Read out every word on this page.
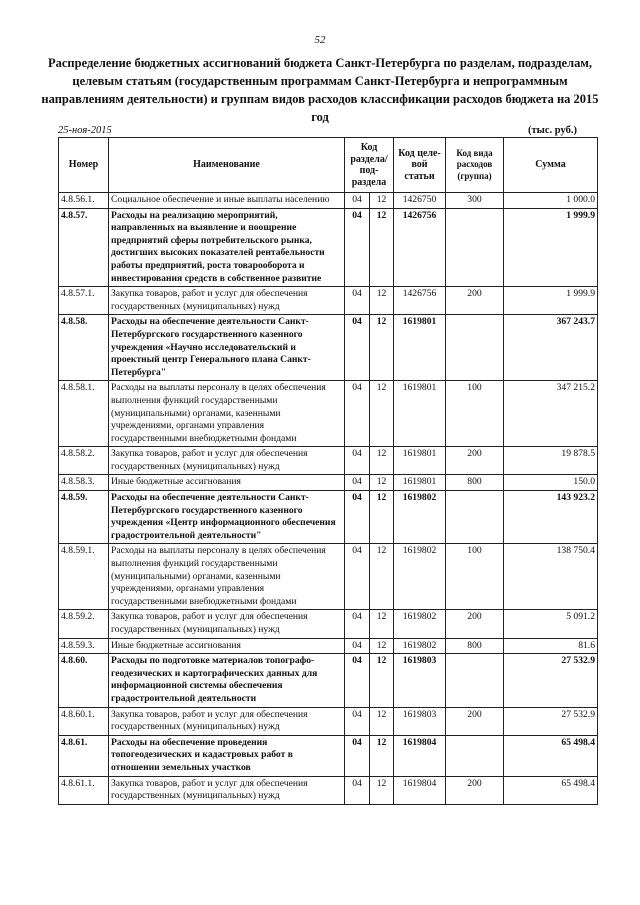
52
Распределение бюджетных ассигнований бюджета Санкт-Петербурга по разделам, подразделам, целевым статьям (государственным программам Санкт-Петербурга и непрограммным направлениям деятельности) и группам видов расходов классификации расходов бюджета на 2015 год
25-ноя-2015	(тыс. руб.)
Номер	Наименование	Код раздела/ под- раздела		Код целе- вой статьи	Код вида расходов (группа)	Сумма
4.8.56.1.	Социальное обеспечение и иные выплаты населению	04	12	1426750	300	1 000.0
4.8.57.	Расходы на реализацию мероприятий, направленных на выявление и поощрение предприятий сферы потребительского рынка, достигших высоких показателей рентабельности работы предприятий, роста товарооборота и инвестирования средств в собственное развитие	04	12	1426756		1 999.9
4.8.57.1.	Закупка товаров, работ и услуг для обеспечения государственных (муниципальных) нужд	04	12	1426756	200	1 999.9
4.8.58.	Расходы на обеспечение деятельности Санкт-Петербургского государственного казенного учреждения «Научно исследовательский и проектный центр Генерального плана Санкт-Петербурга"	04	12	1619801		367 243.7
4.8.58.1.	Расходы на выплаты персоналу в целях обеспечения выполнения функций государственными (муниципальными) органами, казенными учреждениями, органами управления государственными внебюджетными фондами	04	12	1619801	100	347 215.2
4.8.58.2.	Закупка товаров, работ и услуг для обеспечения государственных (муниципальных) нужд	04	12	1619801	200	19 878.5
4.8.58.3.	Иные бюджетные ассигнования	04	12	1619801	800	150.0
4.8.59.	Расходы на обеспечение деятельности Санкт-Петербургского государственного казенного учреждения «Центр информационного обеспечения градостроительной деятельности"	04	12	1619802		143 923.2
4.8.59.1.	Расходы на выплаты персоналу в целях обеспечения выполнения функций государственными (муниципальными) органами, казенными учреждениями, органами управления государственными внебюджетными фондами	04	12	1619802	100	138 750.4
4.8.59.2.	Закупка товаров, работ и услуг для обеспечения государственных (муниципальных) нужд	04	12	1619802	200	5 091.2
4.8.59.3.	Иные бюджетные ассигнования	04	12	1619802	800	81.6
4.8.60.	Расходы по подготовке материалов топографо-геодезических и картографических данных для информационной системы обеспечения градостроительной деятельности	04	12	1619803		27 532.9
4.8.60.1.	Закупка товаров, работ и услуг для обеспечения государственных (муниципальных) нужд	04	12	1619803	200	27 532.9
4.8.61.	Расходы на обеспечение проведения топогеодезических и кадастровых работ в отношении земельных участков	04	12	1619804		65 498.4
4.8.61.1.	Закупка товаров, работ и услуг для обеспечения государственных (муниципальных) нужд	04	12	1619804	200	65 498.4
